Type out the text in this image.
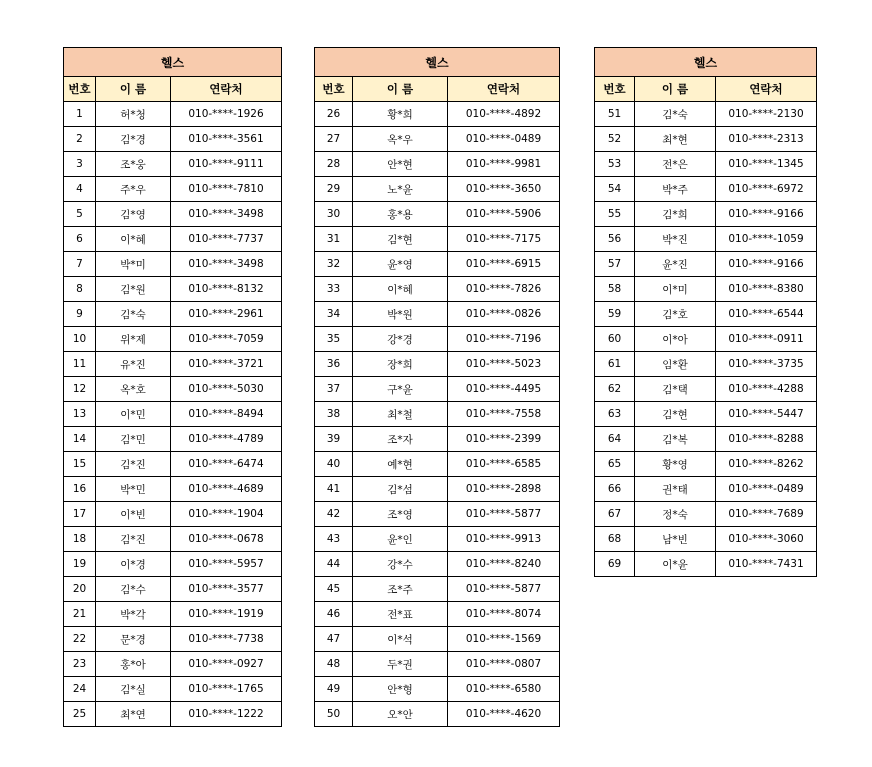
헬스		
번호	이 름	연락처
1	허*청	010-****-1926
2	김*경	010-****-3561
3	조*웅	010-****-9111
4	주*우	010-****-7810
5	김*영	010-****-3498
6	이*혜	010-****-7737
7	박*미	010-****-3498
8	김*원	010-****-8132
9	김*숙	010-****-2961
10	위*제	010-****-7059
11	유*진	010-****-3721
12	옥*호	010-****-5030
13	이*민	010-****-8494
14	김*민	010-****-4789
15	김*진	010-****-6474
16	박*민	010-****-4689
17	이*빈	010-****-1904
18	김*진	010-****-0678
19	이*경	010-****-5957
20	김*수	010-****-3577
21	박*각	010-****-1919
22	문*경	010-****-7738
23	홍*아	010-****-0927
24	김*실	010-****-1765
25	최*연	010-****-1222
헬스		
번호	이 름	연락처
26	황*희	010-****-4892
27	옥*우	010-****-0489
28	안*현	010-****-9981
29	노*윤	010-****-3650
30	홍*용	010-****-5906
31	김*현	010-****-7175
32	윤*영	010-****-6915
33	이*혜	010-****-7826
34	박*원	010-****-0826
35	강*경	010-****-7196
36	장*희	010-****-5023
37	구*윤	010-****-4495
38	최*철	010-****-7558
39	조*자	010-****-2399
40	예*현	010-****-6585
41	김*섬	010-****-2898
42	조*영	010-****-5877
43	윤*인	010-****-9913
44	강*수	010-****-8240
45	조*주	010-****-5877
46	전*표	010-****-8074
47	이*석	010-****-1569
48	두*권	010-****-0807
49	안*형	010-****-6580
50	오*안	010-****-4620
헬스		
번호	이 름	연락처
51	김*숙	010-****-2130
52	최*현	010-****-2313
53	전*은	010-****-1345
54	박*주	010-****-6972
55	김*희	010-****-9166
56	박*진	010-****-1059
57	윤*진	010-****-9166
58	이*미	010-****-8380
59	김*호	010-****-6544
60	이*아	010-****-0911
61	임*환	010-****-3735
62	김*택	010-****-4288
63	김*현	010-****-5447
64	김*복	010-****-8288
65	황*영	010-****-8262
66	권*태	010-****-0489
67	정*숙	010-****-7689
68	남*빈	010-****-3060
69	이*윤	010-****-7431
